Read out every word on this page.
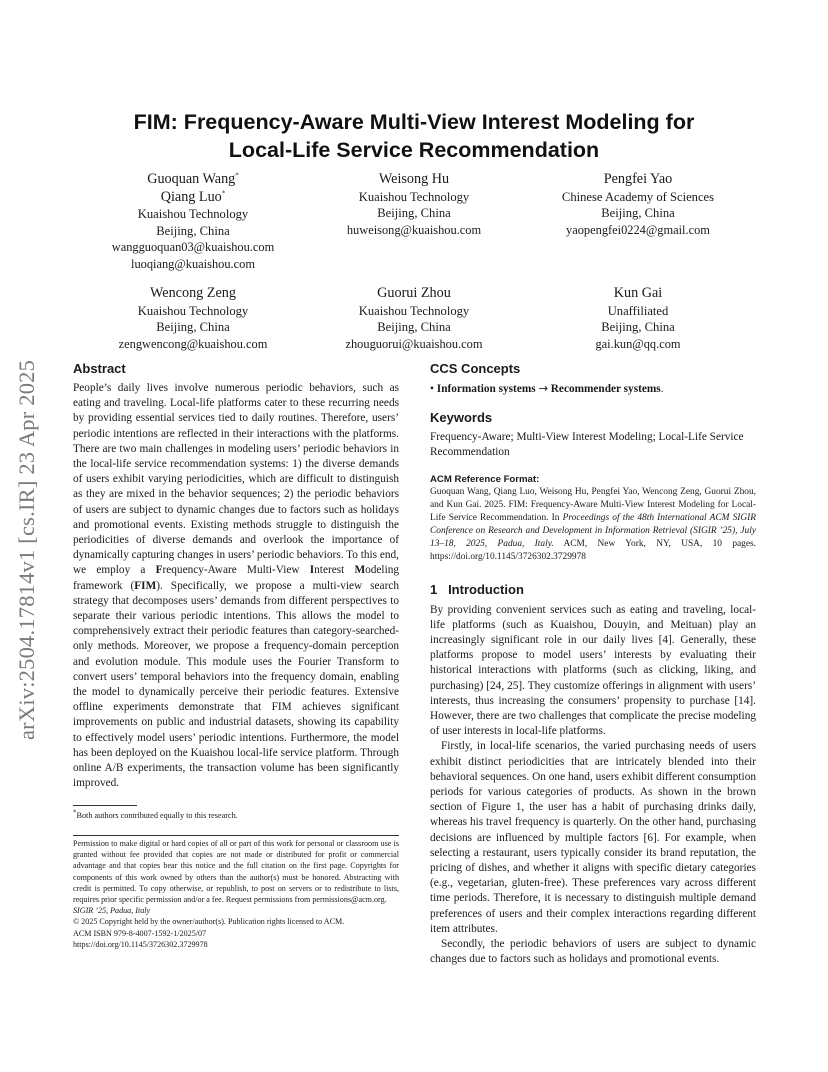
arXiv:2504.17814v1 [cs.IR] 23 Apr 2025
FIM: Frequency-Aware Multi-View Interest Modeling for
Local-Life Service Recommendation
Guoquan Wang*
Qiang Luo*
Kuaishou Technology
Beijing, China
wangguoquan03@kuaishou.com
luoqiang@kuaishou.com
Weisong Hu
Kuaishou Technology
Beijing, China
huweisong@kuaishou.com
Pengfei Yao
Chinese Academy of Sciences
Beijing, China
yaopengfei0224@gmail.com
Wencong Zeng
Kuaishou Technology
Beijing, China
zengwencong@kuaishou.com
Guorui Zhou
Kuaishou Technology
Beijing, China
zhouguorui@kuaishou.com
Kun Gai
Unaffiliated
Beijing, China
gai.kun@qq.com
Abstract

People’s daily lives involve numerous periodic behaviors, such as eating and traveling. Local-life platforms cater to these recurring needs by providing essential services tied to daily routines. Therefore, users’ periodic intentions are reflected in their interactions with the platforms. There are two main challenges in modeling users’ periodic behaviors in the local-life service recommendation systems: 1) the diverse demands of users exhibit varying periodicities, which are difficult to distinguish as they are mixed in the behavior sequences; 2) the periodic behaviors of users are subject to dynamic changes due to factors such as holidays and promotional events. Existing methods struggle to distinguish the periodicities of diverse demands and overlook the importance of dynamically capturing changes in users’ periodic behaviors. To this end, we employ a Frequency-Aware Multi-View Interest Modeling framework (FIM). Specifically, we propose a multi-view search strategy that decomposes users’ demands from different perspectives to separate their various periodic intentions. This allows the model to comprehensively extract their periodic features than category-searched-only methods. Moreover, we propose a frequency-domain perception and evolution module. This module uses the Fourier Transform to convert users’ temporal behaviors into the frequency domain, enabling the model to dynamically perceive their periodic features. Extensive offline experiments demonstrate that FIM achieves significant improvements on public and industrial datasets, showing its capability to effectively model users’ periodic intentions. Furthermore, the model has been deployed on the Kuaishou local-life service platform. Through online A/B experiments, the transaction volume has been significantly improved.

*Both authors contributed equally to this research.
Permission to make digital or hard copies of all or part of this work for personal or classroom use is granted without fee provided that copies are not made or distributed for profit or commercial advantage and that copies bear this notice and the full citation on the first page. Copyrights for components of this work owned by others than the author(s) must be honored. Abstracting with credit is permitted. To copy otherwise, or republish, to post on servers or to redistribute to lists, requires prior specific permission and/or a fee. Request permissions from permissions@acm.org.
SIGIR ’25, Padua, Italy
© 2025 Copyright held by the owner/author(s). Publication rights licensed to ACM.
ACM ISBN 979-8-4007-1592-1/2025/07
https://doi.org/10.1145/3726302.3729978
CCS Concepts

• Information systems → Recommender systems.

Keywords

Frequency-Aware; Multi-View Interest Modeling; Local-Life Service Recommendation

ACM Reference Format:

Guoquan Wang, Qiang Luo, Weisong Hu, Pengfei Yao, Wencong Zeng, Guorui Zhou, and Kun Gai. 2025. FIM: Frequency-Aware Multi-View Interest Modeling for Local-Life Service Recommendation. In Proceedings of the 48th International ACM SIGIR Conference on Research and Development in Information Retrieval (SIGIR ’25), July 13–18, 2025, Padua, Italy. ACM, New York, NY, USA, 10 pages. https://doi.org/10.1145/3726302.3729978

1   Introduction

By providing convenient services such as eating and traveling, local-life platforms (such as Kuaishou, Douyin, and Meituan) play an increasingly significant role in our daily lives [4]. Generally, these platforms propose to model users’ interests by evaluating their historical interactions with platforms (such as clicking, liking, and purchasing) [24, 25]. They customize offerings in alignment with users’ interests, thus increasing the consumers’ propensity to purchase [14]. However, there are two challenges that complicate the precise modeling of user interests in local-life platforms.

Firstly, in local-life scenarios, the varied purchasing needs of users exhibit distinct periodicities that are intricately blended into their behavioral sequences. On one hand, users exhibit different consumption periods for various categories of products. As shown in the brown section of Figure 1, the user has a habit of purchasing drinks daily, whereas his travel frequency is quarterly. On the other hand, purchasing decisions are influenced by multiple factors [6]. For example, when selecting a restaurant, users typically consider its brand reputation, the pricing of dishes, and whether it aligns with specific dietary categories (e.g., vegetarian, gluten-free). These preferences vary across different time periods. Therefore, it is necessary to distinguish multiple demand preferences of users and their complex interactions regarding different item attributes.

Secondly, the periodic behaviors of users are subject to dynamic changes due to factors such as holidays and promotional events.
